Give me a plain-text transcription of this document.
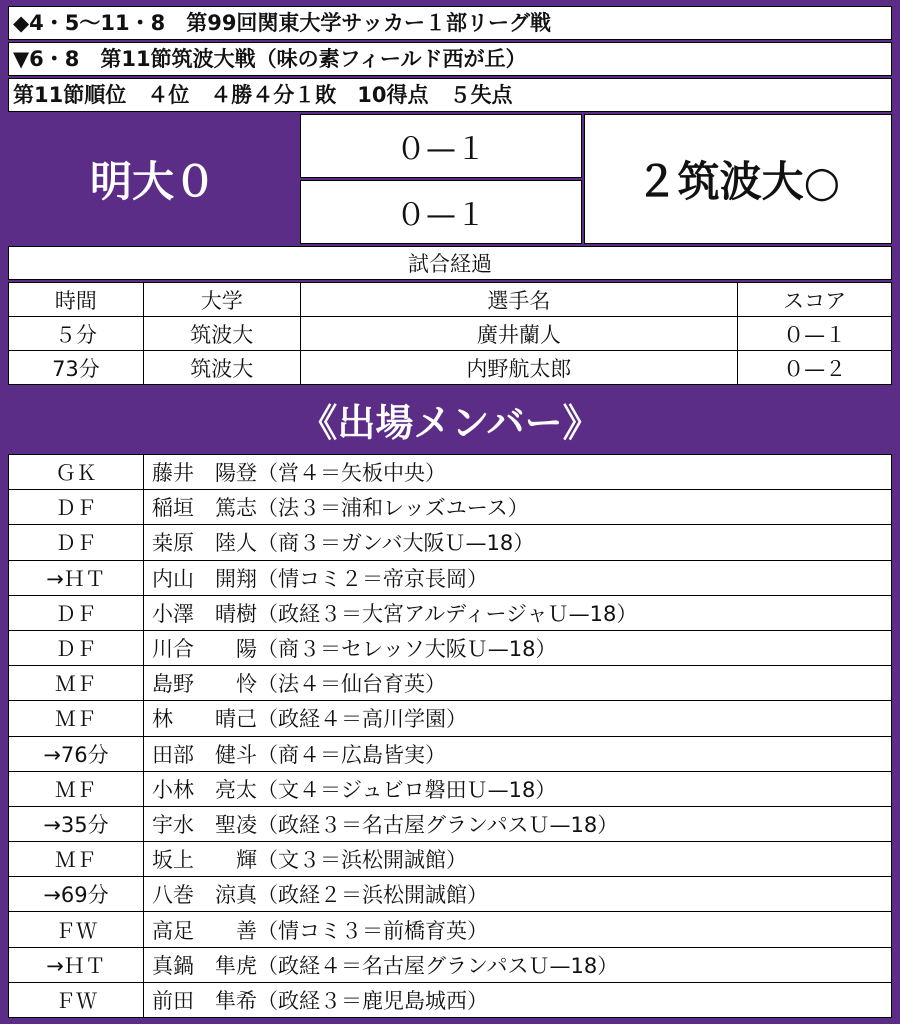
◆4・5～11・8　第99回関東大学サッカー１部リーグ戦
▼6・8　第11節筑波大戦（味の素フィールド西が丘）
第11節順位　４位　４勝４分１敗　10得点　５失点
明大０
０—１
０—１
２筑波大○
試合経過
時間	大学	選手名	スコア
５分	筑波大	廣井蘭人	０—１
73分	筑波大	内野航太郎	０—２
《出場メンバー》
ＧＫ	藤井　陽登（営４＝矢板中央）
ＤＦ	稲垣　篤志（法３＝浦和レッズユース）
ＤＦ	桒原　陸人（商３＝ガンバ大阪Ｕ—18）
→ＨＴ	内山　開翔（情コミ２＝帝京長岡）
ＤＦ	小澤　晴樹（政経３＝大宮アルディージャＵ—18）
ＤＦ	川合　　陽（商３＝セレッソ大阪Ｕ—18）
ＭＦ	島野　　怜（法４＝仙台育英）
ＭＦ	林　　晴己（政経４＝高川学園）
→76分	田部　健斗（商４＝広島皆実）
ＭＦ	小林　亮太（文４＝ジュビロ磐田Ｕ—18）
→35分	宇水　聖凌（政経３＝名古屋グランパスＵ—18）
ＭＦ	坂上　　輝（文３＝浜松開誠館）
→69分	八巻　涼真（政経２＝浜松開誠館）
ＦＷ	高足　　善（情コミ３＝前橋育英）
→ＨＴ	真鍋　隼虎（政経４＝名古屋グランパスＵ—18）
ＦＷ	前田　隼希（政経３＝鹿児島城西）
